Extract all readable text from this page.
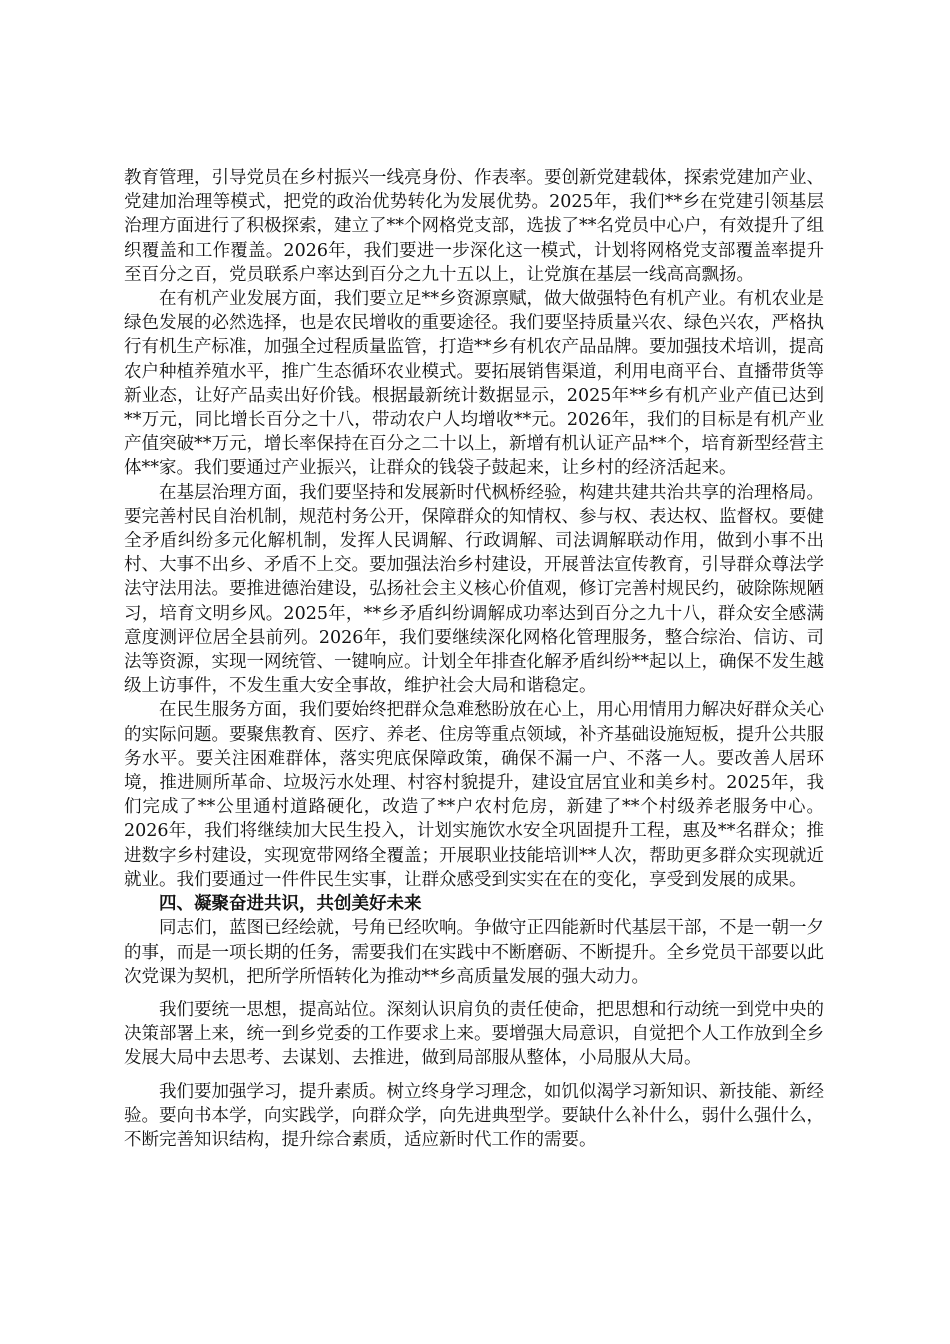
教育管理，引导党员在乡村振兴一线亮身份、作表率。要创新党建载体，探索党建加产业、党建加治理等模式，把党的政治优势转化为发展优势。2025年，我们**乡在党建引领基层治理方面进行了积极探索，建立了**个网格党支部，选拔了**名党员中心户，有效提升了组织覆盖和工作覆盖。2026年，我们要进一步深化这一模式，计划将网格党支部覆盖率提升至百分之百，党员联系户率达到百分之九十五以上，让党旗在基层一线高高飘扬。

在有机产业发展方面，我们要立足**乡资源禀赋，做大做强特色有机产业。有机农业是绿色发展的必然选择，也是农民增收的重要途径。我们要坚持质量兴农、绿色兴农，严格执行有机生产标准，加强全过程质量监管，打造**乡有机农产品品牌。要加强技术培训，提高农户种植养殖水平，推广生态循环农业模式。要拓展销售渠道，利用电商平台、直播带货等新业态，让好产品卖出好价钱。根据最新统计数据显示，2025年**乡有机产业产值已达到**万元，同比增长百分之十八，带动农户人均增收**元。2026年，我们的目标是有机产业产值突破**万元，增长率保持在百分之二十以上，新增有机认证产品**个，培育新型经营主体**家。我们要通过产业振兴，让群众的钱袋子鼓起来，让乡村的经济活起来。

在基层治理方面，我们要坚持和发展新时代枫桥经验，构建共建共治共享的治理格局。要完善村民自治机制，规范村务公开，保障群众的知情权、参与权、表达权、监督权。要健全矛盾纠纷多元化解机制，发挥人民调解、行政调解、司法调解联动作用，做到小事不出村、大事不出乡、矛盾不上交。要加强法治乡村建设，开展普法宣传教育，引导群众尊法学法守法用法。要推进德治建设，弘扬社会主义核心价值观，修订完善村规民约，破除陈规陋习，培育文明乡风。2025年，**乡矛盾纠纷调解成功率达到百分之九十八，群众安全感满意度测评位居全县前列。2026年，我们要继续深化网格化管理服务，整合综治、信访、司法等资源，实现一网统管、一键响应。计划全年排查化解矛盾纠纷**起以上，确保不发生越级上访事件，不发生重大安全事故，维护社会大局和谐稳定。

在民生服务方面，我们要始终把群众急难愁盼放在心上，用心用情用力解决好群众关心的实际问题。要聚焦教育、医疗、养老、住房等重点领域，补齐基础设施短板，提升公共服务水平。要关注困难群体，落实兜底保障政策，确保不漏一户、不落一人。要改善人居环境，推进厕所革命、垃圾污水处理、村容村貌提升，建设宜居宜业和美乡村。2025年，我们完成了**公里通村道路硬化，改造了**户农村危房，新建了**个村级养老服务中心。2026年，我们将继续加大民生投入，计划实施饮水安全巩固提升工程，惠及**名群众；推进数字乡村建设，实现宽带网络全覆盖；开展职业技能培训**人次，帮助更多群众实现就近就业。我们要通过一件件民生实事，让群众感受到实实在在的变化，享受到发展的成果。

四、凝聚奋进共识，共创美好未来

同志们，蓝图已经绘就，号角已经吹响。争做守正四能新时代基层干部，不是一朝一夕的事，而是一项长期的任务，需要我们在实践中不断磨砺、不断提升。全乡党员干部要以此次党课为契机，把所学所悟转化为推动**乡高质量发展的强大动力。

我们要统一思想，提高站位。深刻认识肩负的责任使命，把思想和行动统一到党中央的决策部署上来，统一到乡党委的工作要求上来。要增强大局意识，自觉把个人工作放到全乡发展大局中去思考、去谋划、去推进，做到局部服从整体，小局服从大局。

我们要加强学习，提升素质。树立终身学习理念，如饥似渴学习新知识、新技能、新经验。要向书本学，向实践学，向群众学，向先进典型学。要缺什么补什么，弱什么强什么，不断完善知识结构，提升综合素质，适应新时代工作的需要。
